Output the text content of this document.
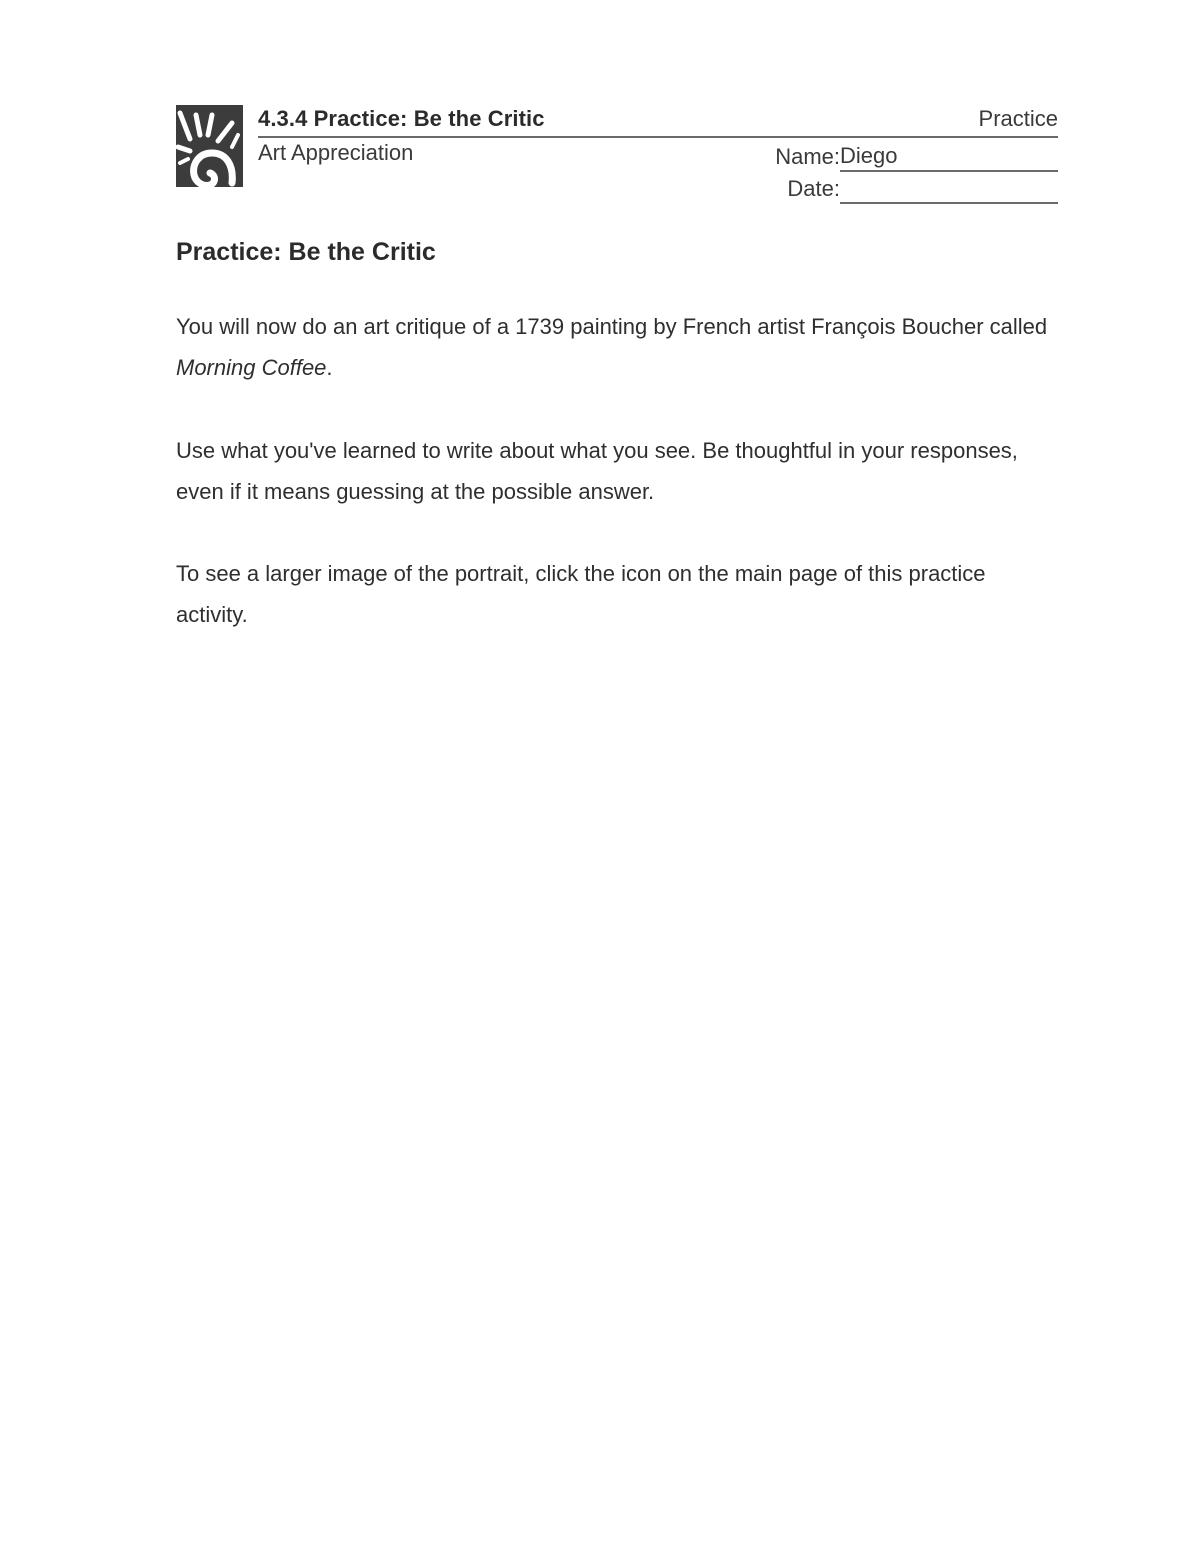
4.3.4 Practice: Be the Critic	Practice
Art Appreciation	Name: Diego
Date:
Practice: Be the Critic

You will now do an art critique of a 1739 painting by French artist François Boucher called Morning Coffee.

Use what you've learned to write about what you see. Be thoughtful in your responses, even if it means guessing at the possible answer.

To see a larger image of the portrait, click the icon on the main page of this practice activity.
